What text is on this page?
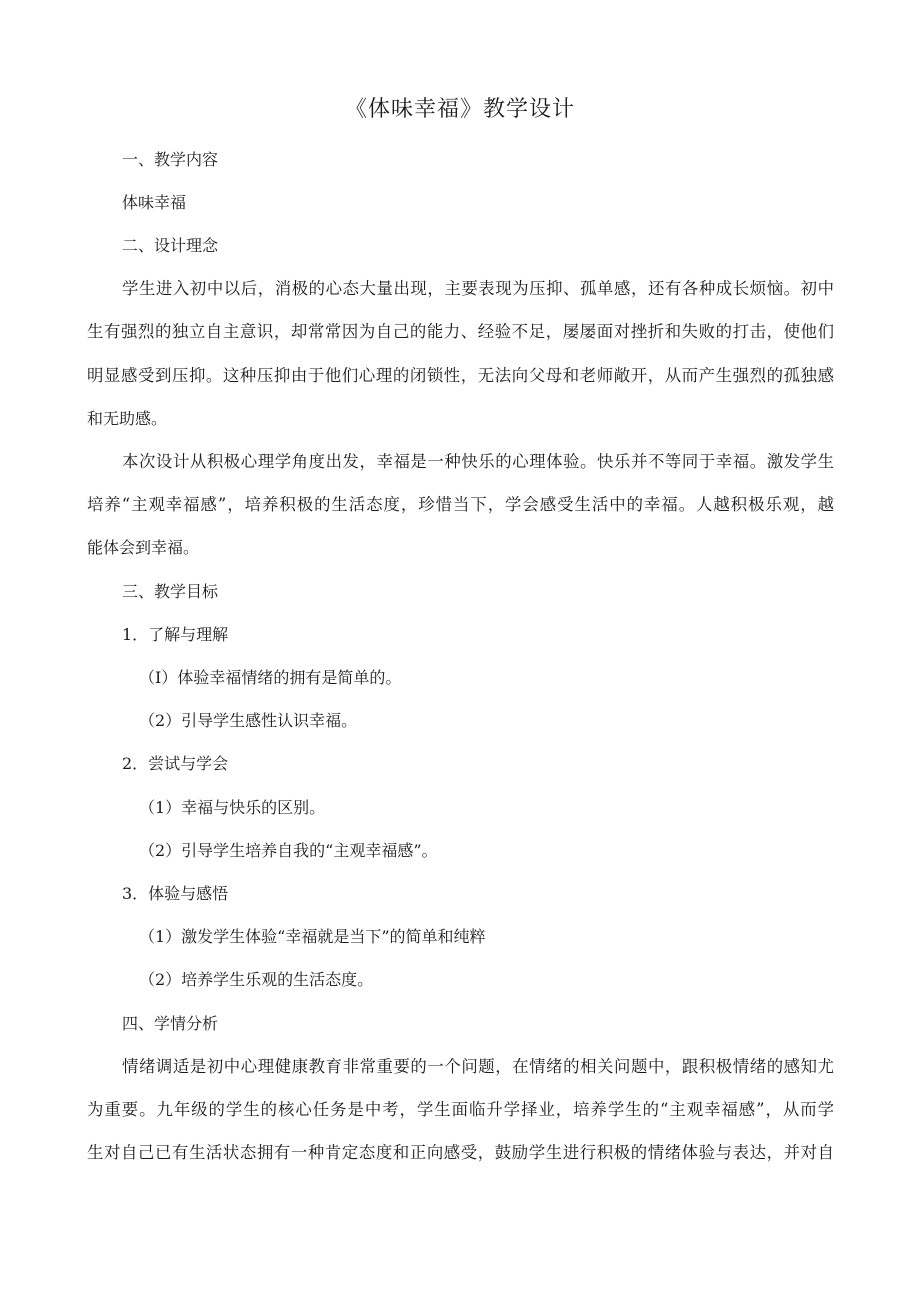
《体味幸福》教学设计
一、教学内容
体味幸福
二、设计理念
学生进入初中以后，消极的心态大量出现，主要表现为压抑、孤单感，还有各种成长烦恼。初中
生有强烈的独立自主意识，却常常因为自己的能力、经验不足，屡屡面对挫折和失败的打击，使他们
明显感受到压抑。这种压抑由于他们心理的闭锁性，无法向父母和老师敞开，从而产生强烈的孤独感
和无助感。
本次设计从积极心理学角度出发，幸福是一种快乐的心理体验。快乐并不等同于幸福。激发学生
培养“主观幸福感”，培养积极的生活态度，珍惜当下，学会感受生活中的幸福。人越积极乐观，越
能体会到幸福。
三、教学目标
1．了解与理解
（I）体验幸福情绪的拥有是简单的。
（2）引导学生感性认识幸福。
2．尝试与学会
（1）幸福与快乐的区别。
（2）引导学生培养自我的“主观幸福感”。
3．体验与感悟
（1）激发学生体验“幸福就是当下”的简单和纯粹
（2）培养学生乐观的生活态度。
四、学情分析
情绪调适是初中心理健康教育非常重要的一个问题，在情绪的相关问题中，跟积极情绪的感知尤
为重要。九年级的学生的核心任务是中考，学生面临升学择业，培养学生的“主观幸福感”，从而学
生对自己已有生活状态拥有一种肯定态度和正向感受，鼓励学生进行积极的情绪体验与表达，并对自
